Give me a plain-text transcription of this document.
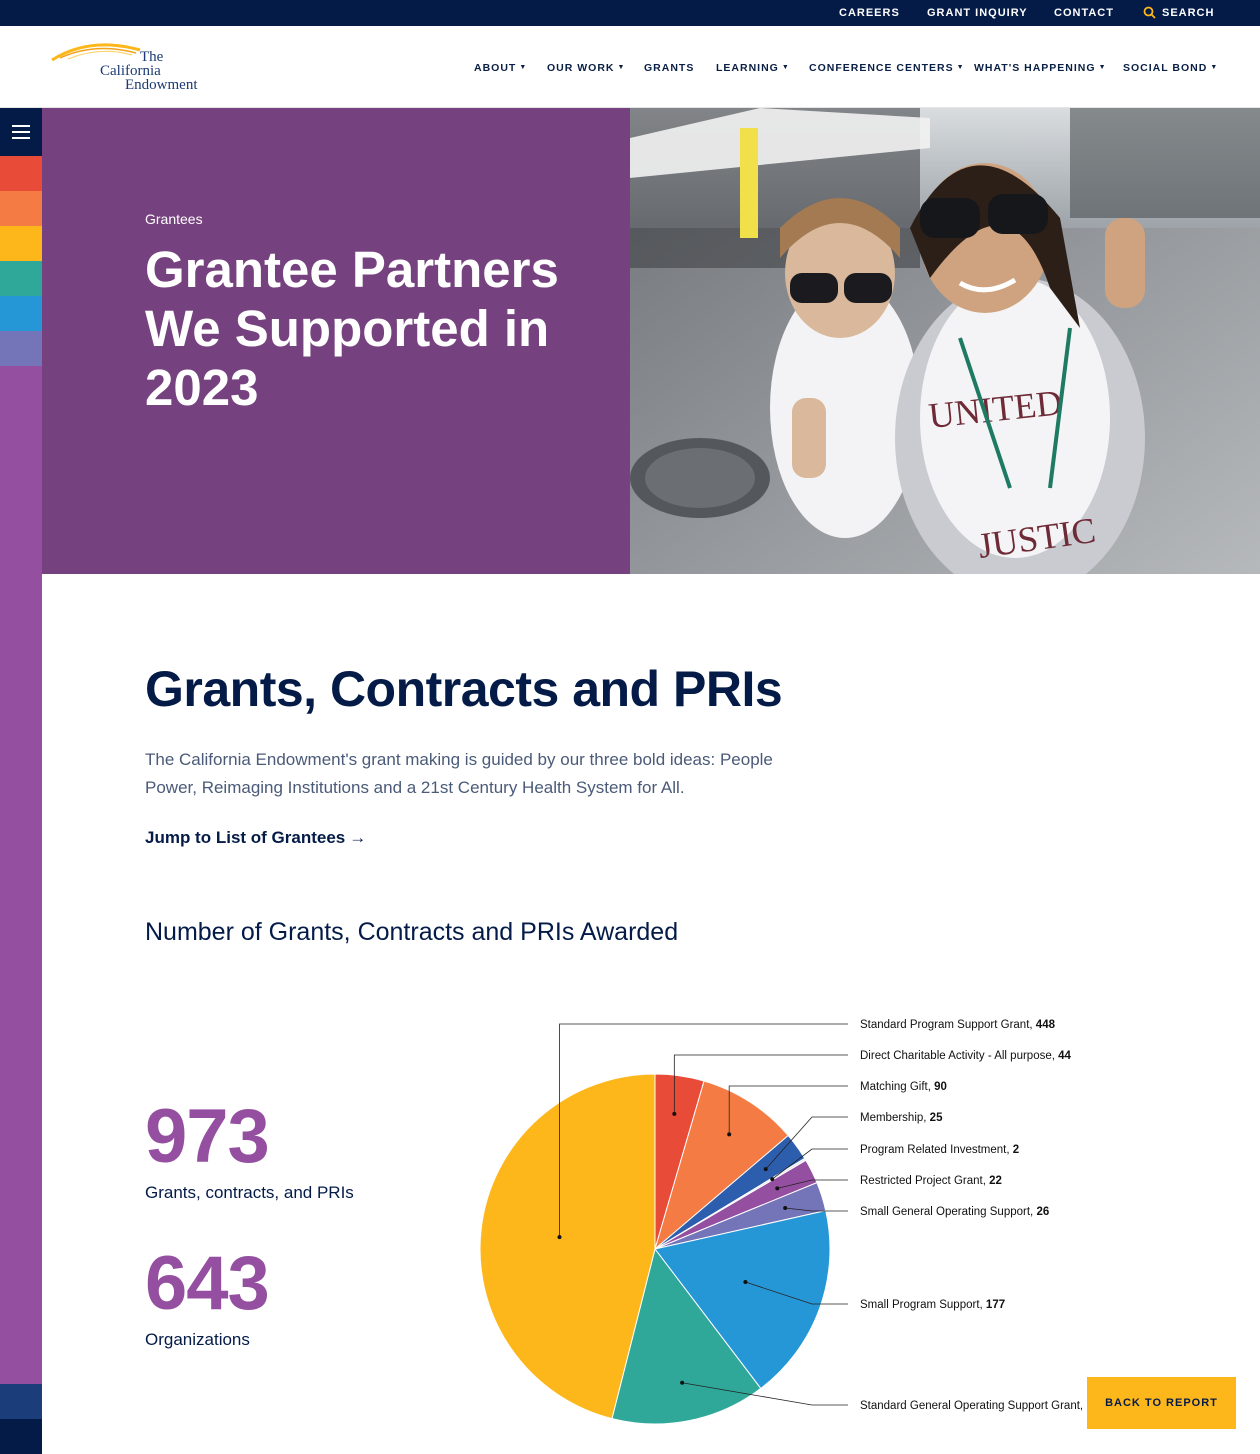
CAREERS GRANT INQUIRY CONTACT	SEARCH
The
California
Endowment
ABOUT ▼ OUR WORK ▼ GRANTS LEARNING ▼ CONFERENCE CENTERS ▼ WHAT'S HAPPENING ▼ SOCIAL BOND ▼
Grantees
Grantee Partners We Supported in 2023	UNITED
JUSTIC
Grants, Contracts and PRIs

The California Endowment's grant making is guided by our three bold ideas: People Power, Reimaging Institutions and a 21st Century Health System for All.

Jump to List of Grantees →
Number of Grants, Contracts and PRIs Awarded
973
Grants, contracts, and PRIs
643
Organizations
Standard Program Support Grant, 448
Direct Charitable Activity - All purpose, 44
Matching Gift, 90
Membership, 25
Program Related Investment, 2
Restricted Project Grant, 22
Small General Operating Support, 26
Small Program Support, 177
Standard General Operating Support Grant,	BACK TO REPORT
